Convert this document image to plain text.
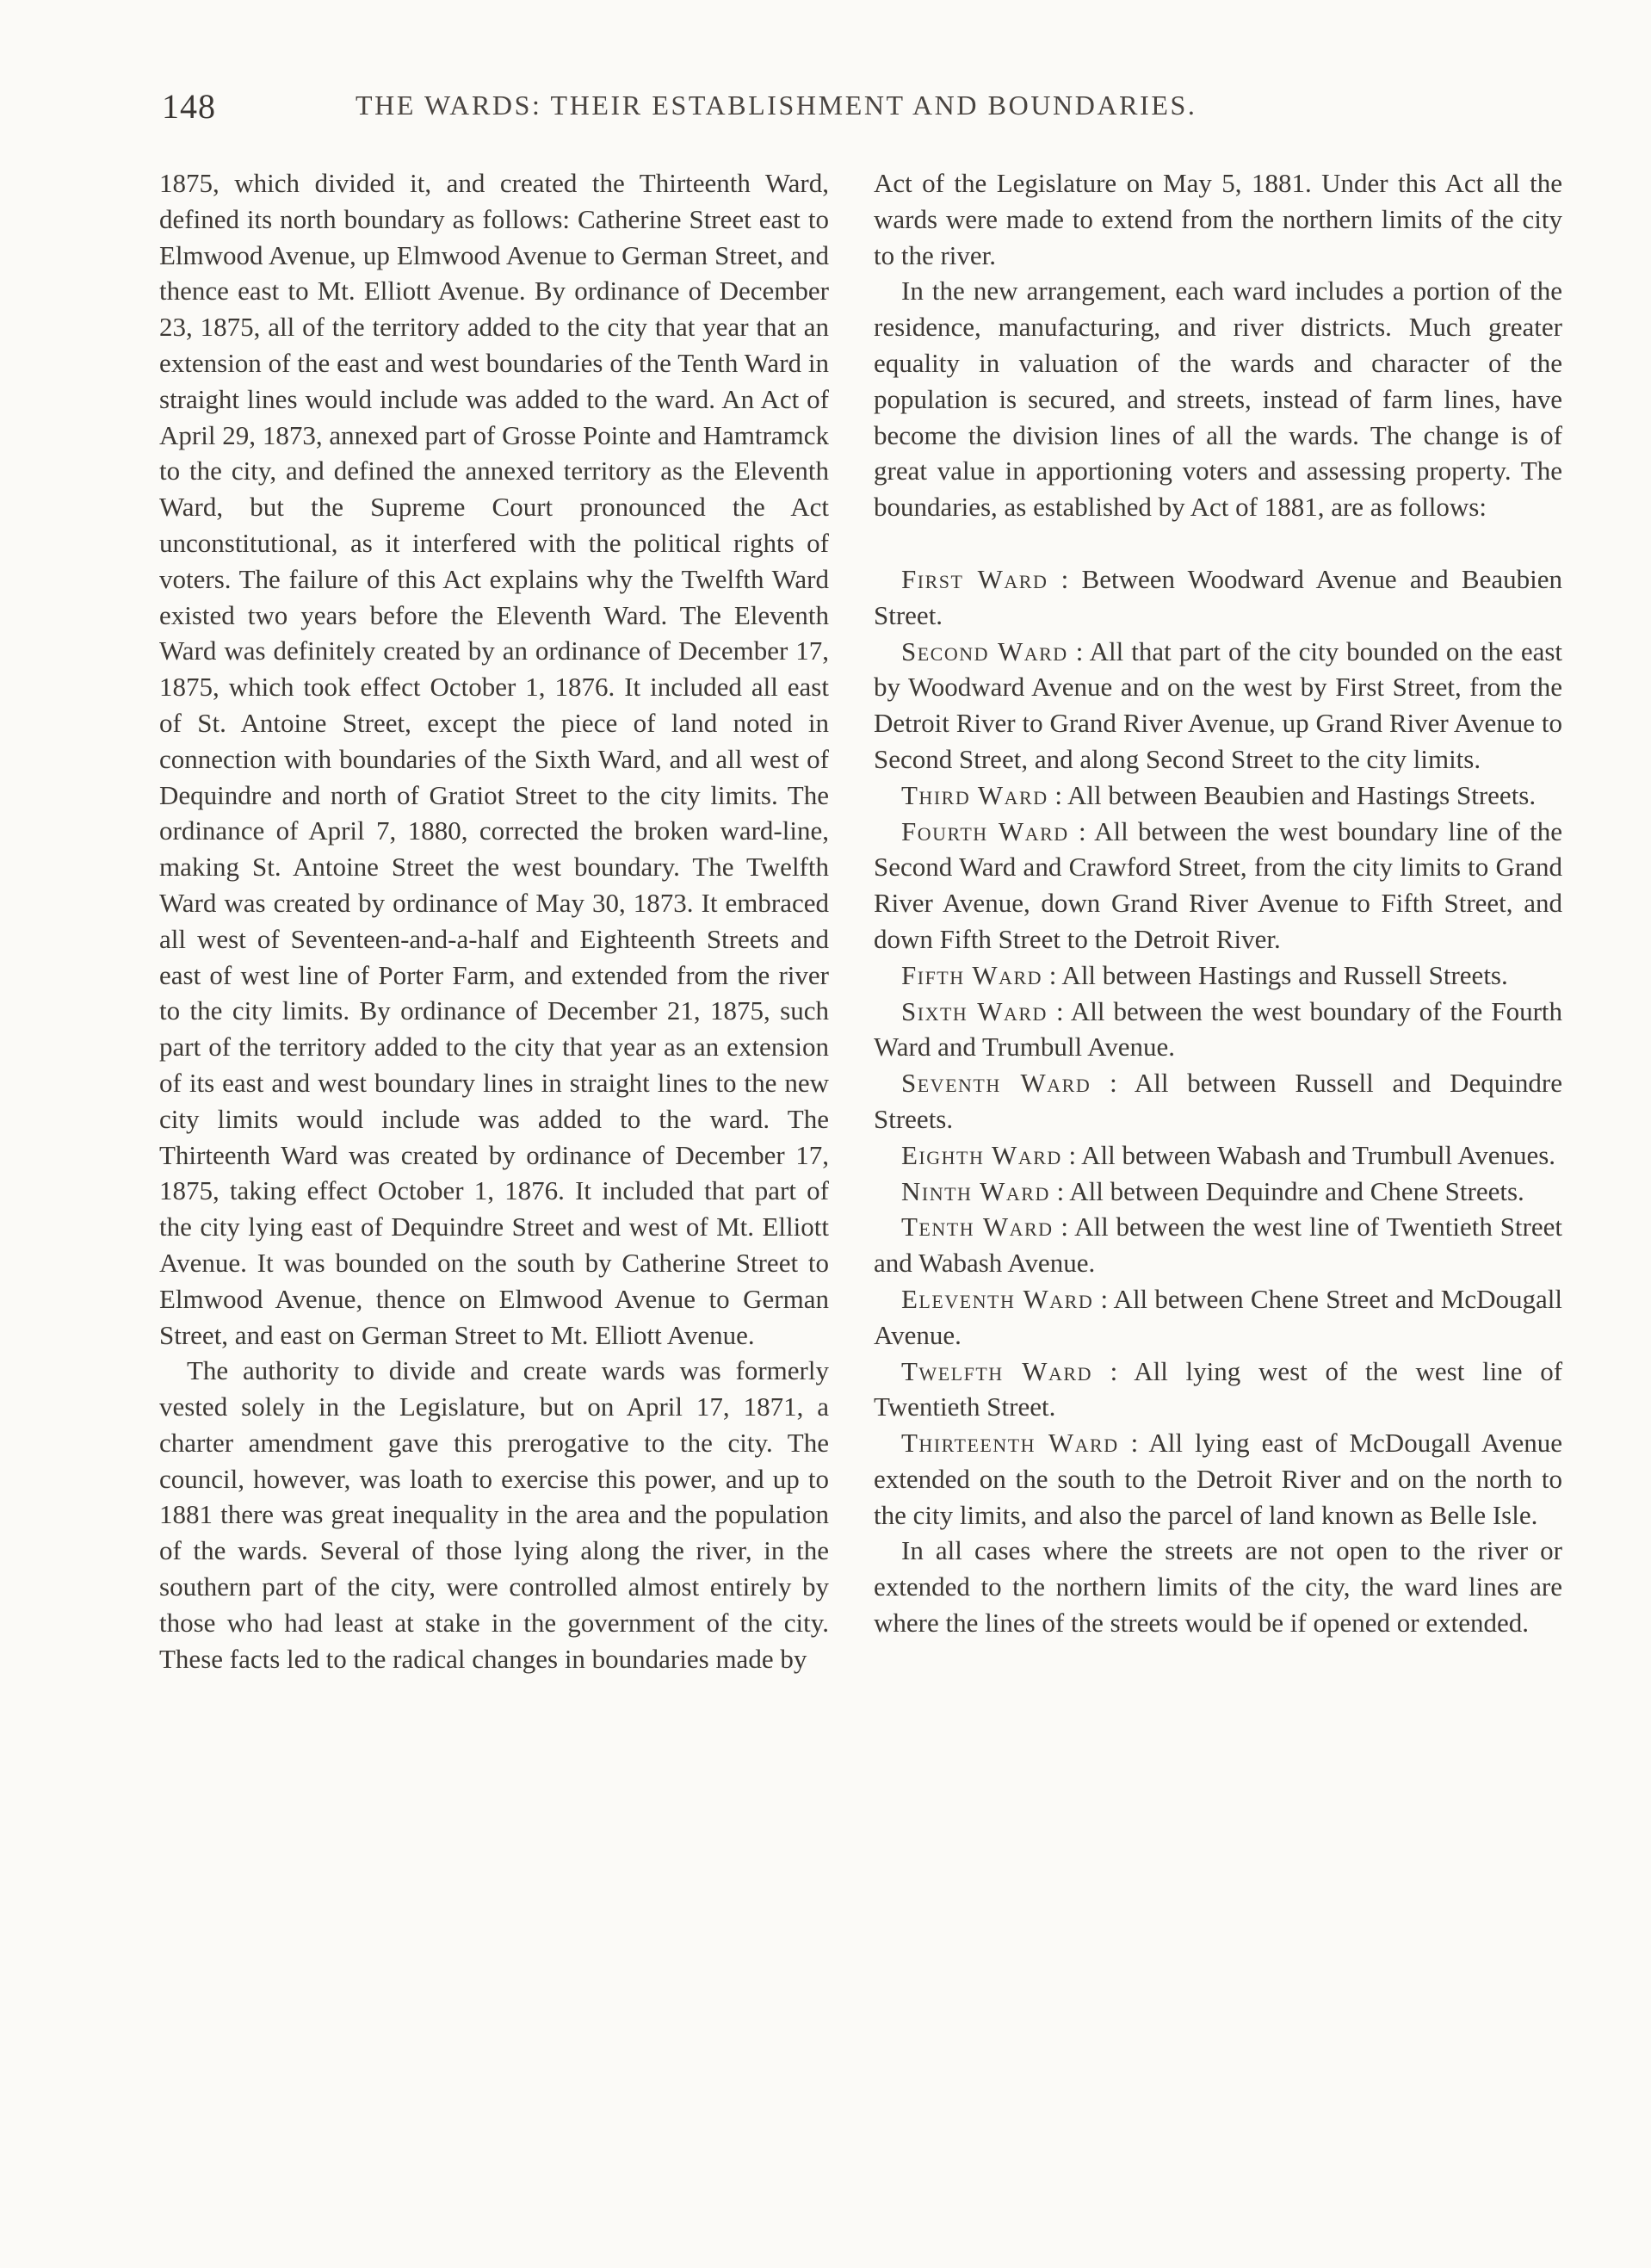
148	THE WARDS: THEIR ESTABLISHMENT AND BOUNDARIES.

1875, which divided it, and created the Thirteenth Ward, defined its north boundary as follows: Catherine Street east to Elmwood Avenue, up Elmwood Avenue to German Street, and thence east to Mt. Elliott Avenue. By ordinance of December 23, 1875, all of the territory added to the city that year that an extension of the east and west boundaries of the Tenth Ward in straight lines would include was added to the ward. An Act of April 29, 1873, annexed part of Grosse Pointe and Hamtramck to the city, and defined the annexed territory as the Eleventh Ward, but the Supreme Court pronounced the Act unconstitutional, as it interfered with the political rights of voters. The failure of this Act explains why the Twelfth Ward existed two years before the Eleventh Ward. The Eleventh Ward was definitely created by an ordinance of December 17, 1875, which took effect October 1, 1876. It included all east of St. Antoine Street, except the piece of land noted in connection with boundaries of the Sixth Ward, and all west of Dequindre and north of Gratiot Street to the city limits. The ordinance of April 7, 1880, corrected the broken ward-line, making St. Antoine Street the west boundary. The Twelfth Ward was created by ordinance of May 30, 1873. It embraced all west of Seventeen-and-a-half and Eighteenth Streets and east of west line of Porter Farm, and extended from the river to the city limits. By ordinance of December 21, 1875, such part of the territory added to the city that year as an extension of its east and west boundary lines in straight lines to the new city limits would include was added to the ward. The Thirteenth Ward was created by ordinance of December 17, 1875, taking effect October 1, 1876. It included that part of the city lying east of Dequindre Street and west of Mt. Elliott Avenue. It was bounded on the south by Catherine Street to Elmwood Avenue, thence on Elmwood Avenue to German Street, and east on German Street to Mt. Elliott Avenue.

The authority to divide and create wards was formerly vested solely in the Legislature, but on April 17, 1871, a charter amendment gave this prerogative to the city. The council, however, was loath to exercise this power, and up to 1881 there was great inequality in the area and the population of the wards. Several of those lying along the river, in the southern part of the city, were controlled almost entirely by those who had least at stake in the government of the city. These facts led to the radical changes in boundaries made by

Act of the Legislature on May 5, 1881. Under this Act all the wards were made to extend from the northern limits of the city to the river.

In the new arrangement, each ward includes a portion of the residence, manufacturing, and river districts. Much greater equality in valuation of the wards and character of the population is secured, and streets, instead of farm lines, have become the division lines of all the wards. The change is of great value in apportioning voters and assessing property. The boundaries, as established by Act of 1881, are as follows:

First Ward : Between Woodward Avenue and Beaubien Street.

Second Ward : All that part of the city bounded on the east by Woodward Avenue and on the west by First Street, from the Detroit River to Grand River Avenue, up Grand River Avenue to Second Street, and along Second Street to the city limits.

Third Ward : All between Beaubien and Hastings Streets.

Fourth Ward : All between the west boundary line of the Second Ward and Crawford Street, from the city limits to Grand River Avenue, down Grand River Avenue to Fifth Street, and down Fifth Street to the Detroit River.

Fifth Ward : All between Hastings and Russell Streets.

Sixth Ward : All between the west boundary of the Fourth Ward and Trumbull Avenue.

Seventh Ward : All between Russell and Dequindre Streets.

Eighth Ward : All between Wabash and Trumbull Avenues.

Ninth Ward : All between Dequindre and Chene Streets.

Tenth Ward : All between the west line of Twentieth Street and Wabash Avenue.

Eleventh Ward : All between Chene Street and McDougall Avenue.

Twelfth Ward : All lying west of the west line of Twentieth Street.

Thirteenth Ward : All lying east of McDougall Avenue extended on the south to the Detroit River and on the north to the city limits, and also the parcel of land known as Belle Isle.

In all cases where the streets are not open to the river or extended to the northern limits of the city, the ward lines are where the lines of the streets would be if opened or extended.
